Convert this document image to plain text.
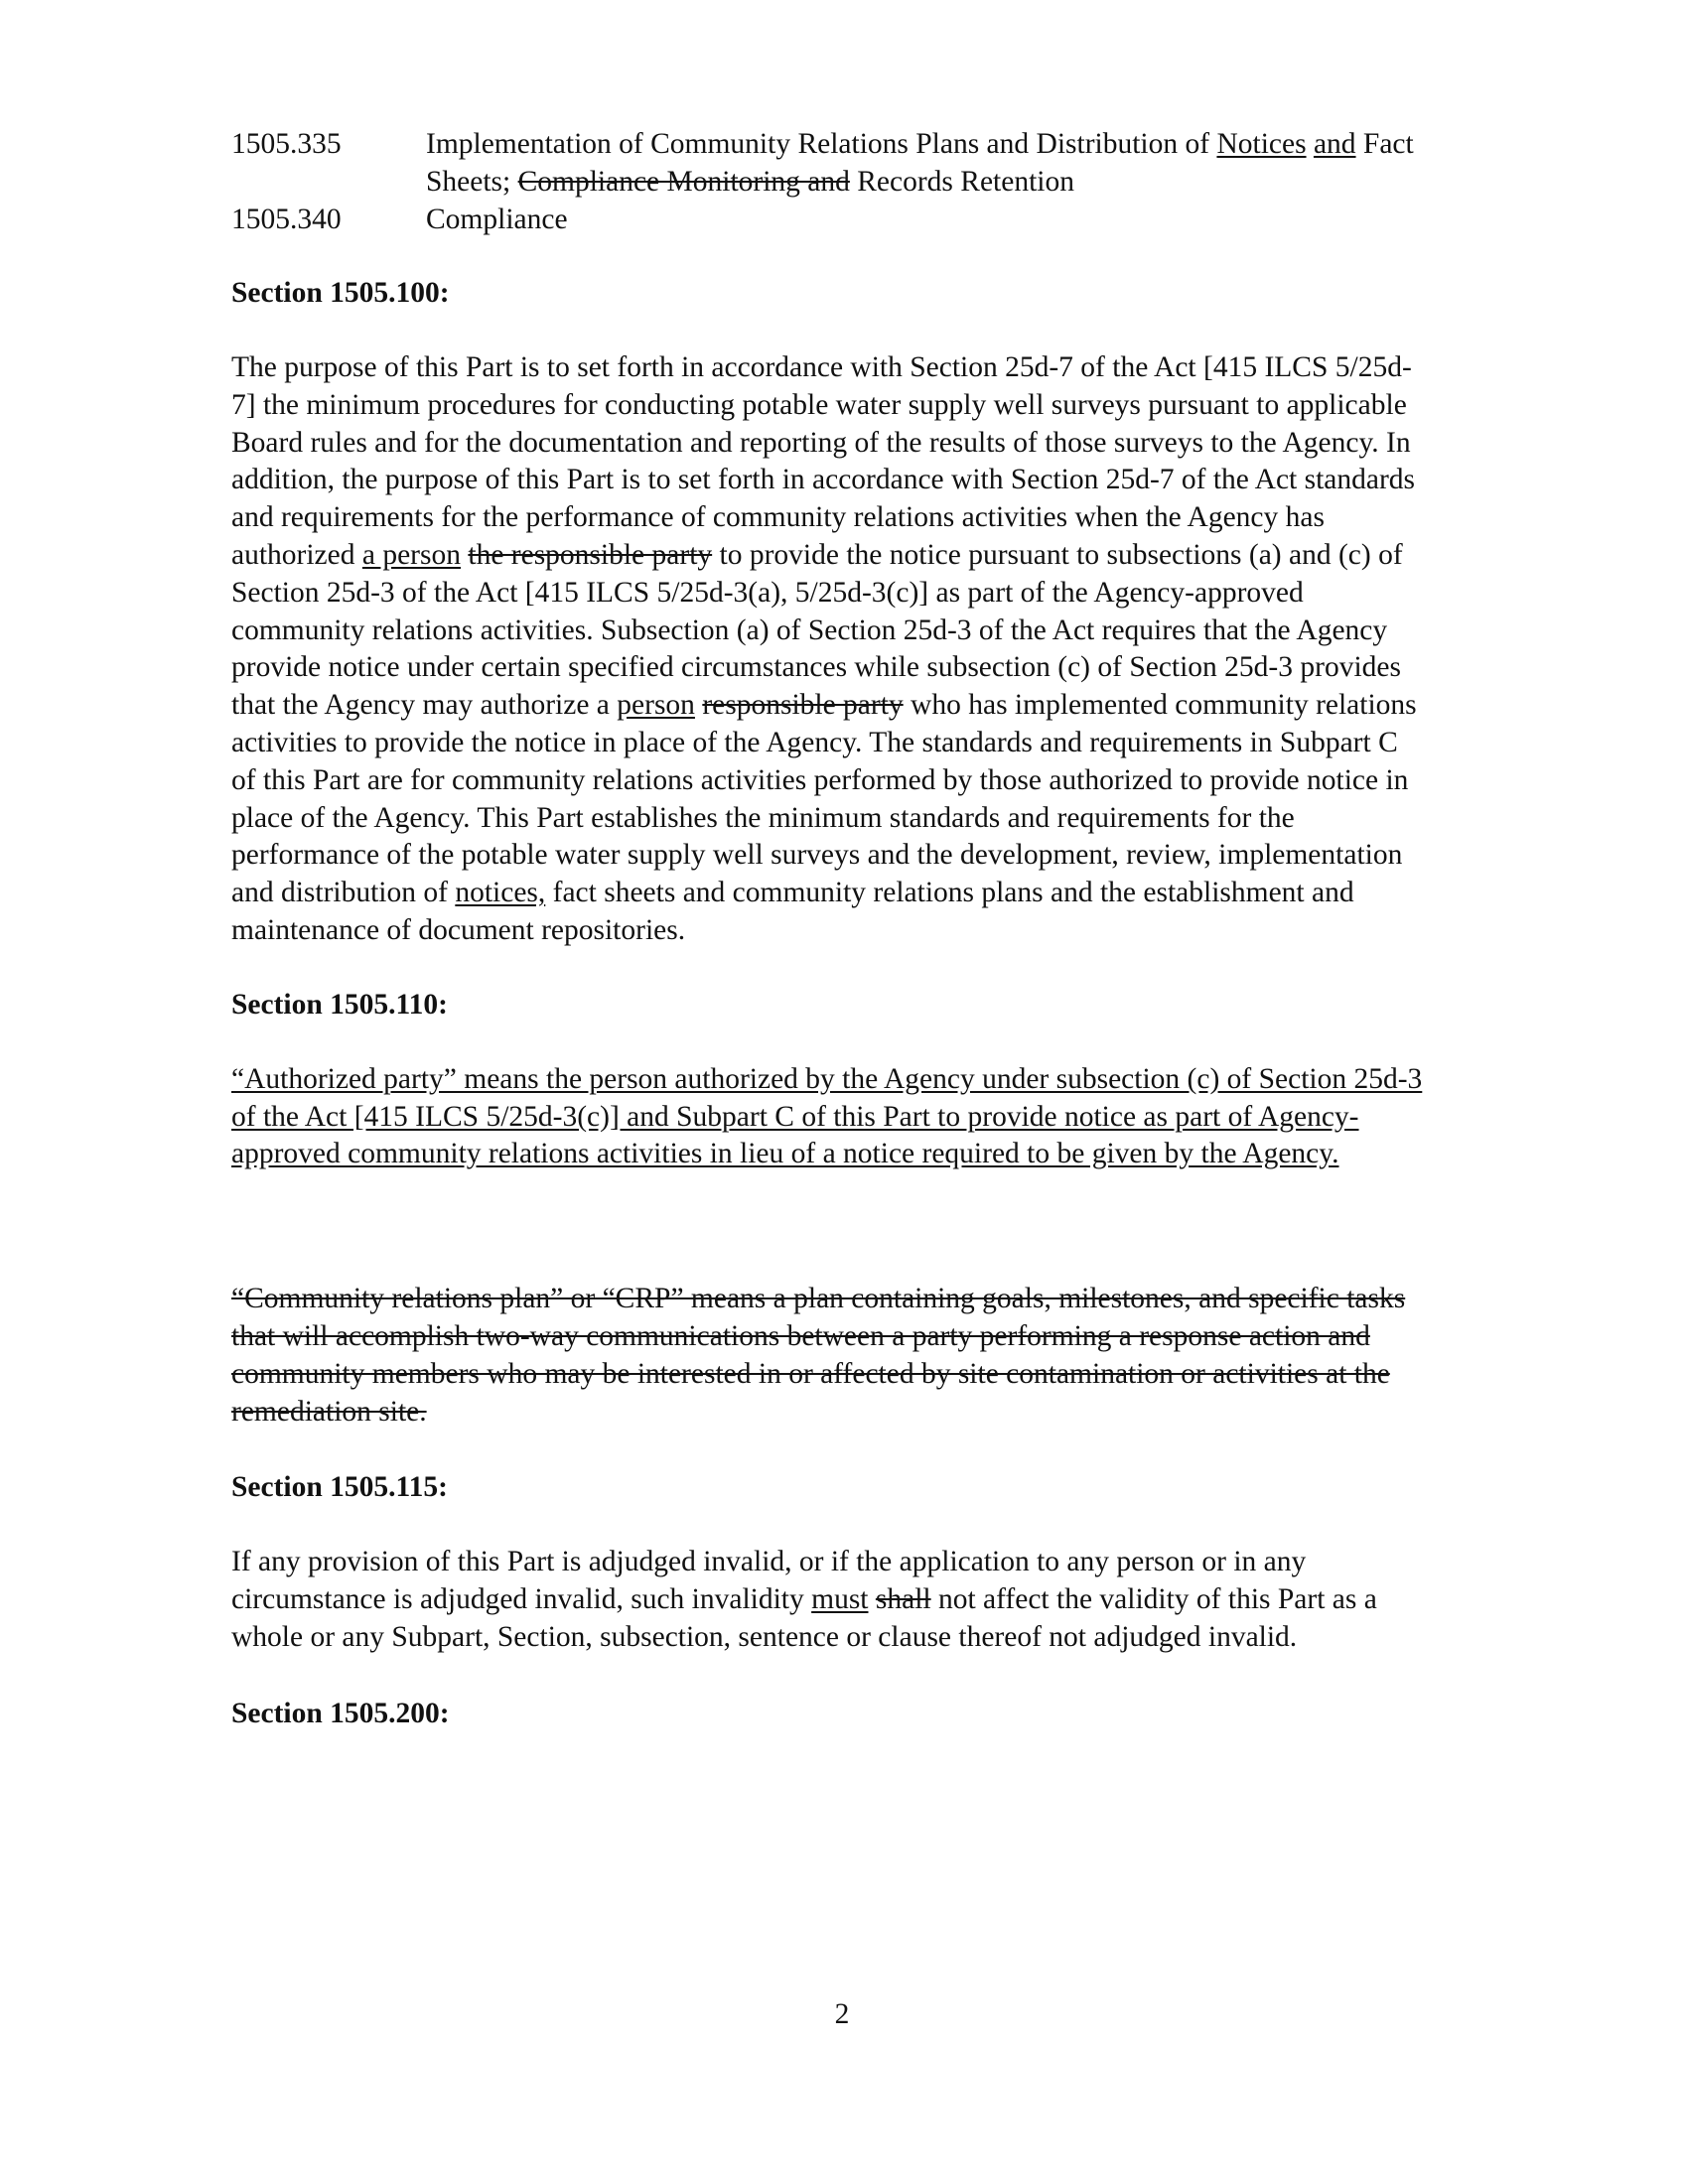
1505.335	Implementation of Community Relations Plans and Distribution of Notices and Fact Sheets; Compliance Monitoring and Records Retention
1505.340	Compliance
Section 1505.100:

The purpose of this Part is to set forth in accordance with Section 25d-7 of the Act [415 ILCS 5/25d-7] the minimum procedures for conducting potable water supply well surveys pursuant to applicable Board rules and for the documentation and reporting of the results of those surveys to the Agency. In addition, the purpose of this Part is to set forth in accordance with Section 25d-7 of the Act standards and requirements for the performance of community relations activities when the Agency has authorized a person the responsible party to provide the notice pursuant to subsections (a) and (c) of Section 25d-3 of the Act [415 ILCS 5/25d-3(a), 5/25d-3(c)] as part of the Agency-approved community relations activities. Subsection (a) of Section 25d-3 of the Act requires that the Agency provide notice under certain specified circumstances while subsection (c) of Section 25d-3 provides that the Agency may authorize a person responsible party who has implemented community relations activities to provide the notice in place of the Agency. The standards and requirements in Subpart C of this Part are for community relations activities performed by those authorized to provide notice in place of the Agency. This Part establishes the minimum standards and requirements for the performance of the potable water supply well surveys and the development, review, implementation and distribution of notices, fact sheets and community relations plans and the establishment and maintenance of document repositories.

Section 1505.110:

“Authorized party” means the person authorized by the Agency under subsection (c) of Section 25d-3 of the Act [415 ILCS 5/25d-3(c)] and Subpart C of this Part to provide notice as part of Agency-approved community relations activities in lieu of a notice required to be given by the Agency.

“Community relations plan” or “CRP” means a plan containing goals, milestones, and specific tasks that will accomplish two-way communications between a party performing a response action and community members who may be interested in or affected by site contamination or activities at the remediation site.

Section 1505.115:

If any provision of this Part is adjudged invalid, or if the application to any person or in any circumstance is adjudged invalid, such invalidity must shall not affect the validity of this Part as a whole or any Subpart, Section, subsection, sentence or clause thereof not adjudged invalid.

Section 1505.200:
2
